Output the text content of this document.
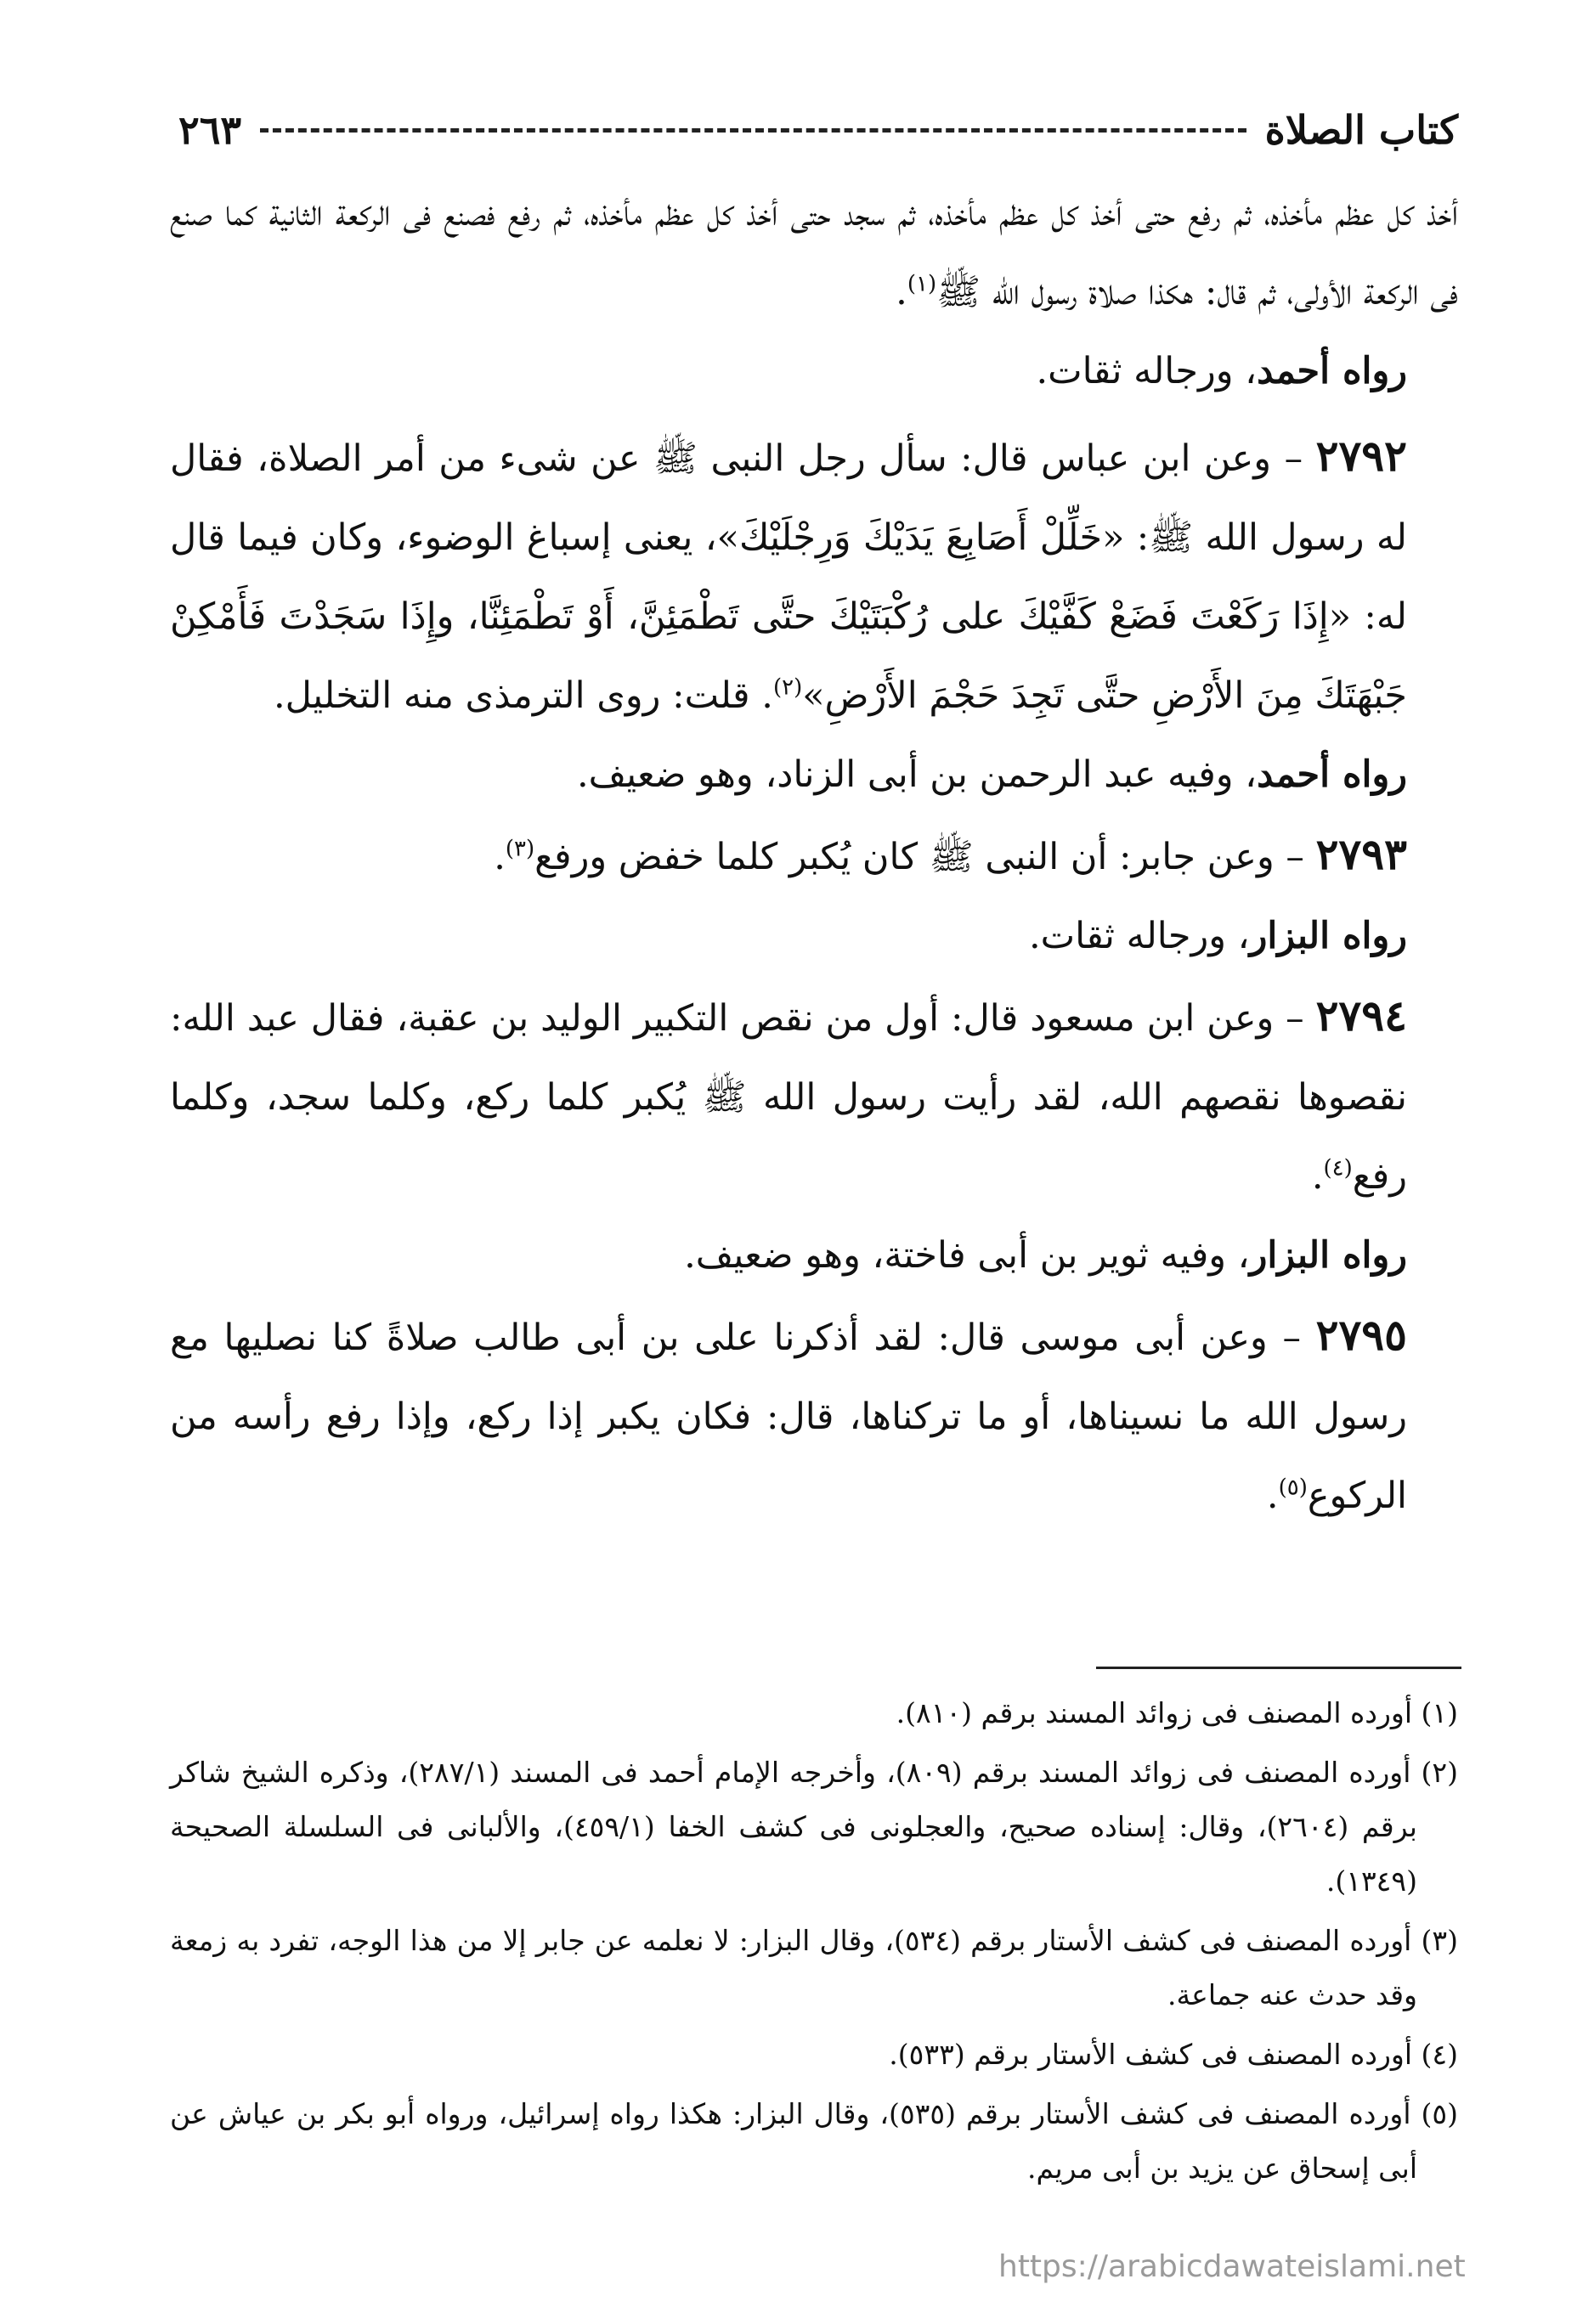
كتاب الصلاة
٢٦٣

أخذ كل عظم مأخذه، ثم رفع حتى أخذ كل عظم مأخذه، ثم سجد حتى أخذ كل عظم مأخذه، ثم رفع فصنع فى الركعة الثانية كما صنع فى الركعة الأولى، ثم قال: هكذا صلاة رسول الله ﷺ$^{(١)}$.

رواه أحمد، ورجاله ثقات.

٢٧٩٢ – وعن ابن عباس قال: سأل رجل النبى ﷺ عن شىء من أمر الصلاة، فقال له رسول الله ﷺ: «خَلِّلْ أَصَابِعَ يَدَيْكَ وَرِجْلَيْكَ»، يعنى إسباغ الوضوء، وكان فيما قال له: «إِذَا رَكَعْتَ فَضَعْ كَفَّيْكَ على رُكْبَتَيْكَ حتَّى تَطْمَئِنَّ، أَوْ تَطْمَئِنَّا، وإِذَا سَجَدْتَ فَأَمْكِنْ جَبْهَتَكَ مِنَ الأَرْضِ حتَّى تَجِدَ حَجْمَ الأَرْضِ»$^{(٢)}$. قلت: روى الترمذى منه التخليل.

رواه أحمد، وفيه عبد الرحمن بن أبى الزناد، وهو ضعيف.

٢٧٩٣ – وعن جابر: أن النبى ﷺ كان يُكبر كلما خفض ورفع$^{(٣)}$.

رواه البزار، ورجاله ثقات.

٢٧٩٤ – وعن ابن مسعود قال: أول من نقص التكبير الوليد بن عقبة، فقال عبد الله: نقصوها نقصهم الله، لقد رأيت رسول الله ﷺ يُكبر كلما ركع، وكلما سجد، وكلما رفع$^{(٤)}$.

رواه البزار، وفيه ثوير بن أبى فاختة، وهو ضعيف.

٢٧٩٥ – وعن أبى موسى قال: لقد أذكرنا على بن أبى طالب صلاةً كنا نصليها مع رسول الله ما نسيناها، أو ما تركناها، قال: فكان يكبر إذا ركع، وإذا رفع رأسه من الركوع$^{(٥)}$.

(١) أورده المصنف فى زوائد المسند برقم (٨١٠).

(٢) أورده المصنف فى زوائد المسند برقم (٨٠٩)، وأخرجه الإمام أحمد فى المسند (٢٨٧/١)، وذكره الشيخ شاكر برقم (٢٦٠٤)، وقال: إسناده صحيح، والعجلونى فى كشف الخفا (٤٥٩/١)، والألبانى فى السلسلة الصحيحة (١٣٤٩).

(٣) أورده المصنف فى كشف الأستار برقم (٥٣٤)، وقال البزار: لا نعلمه عن جابر إلا من هذا الوجه، تفرد به زمعة وقد حدث عنه جماعة.

(٤) أورده المصنف فى كشف الأستار برقم (٥٣٣).

(٥) أورده المصنف فى كشف الأستار برقم (٥٣٥)، وقال البزار: هكذا رواه إسرائيل، ورواه أبو بكر بن عياش عن أبى إسحاق عن يزيد بن أبى مريم.

https://arabicdawateislami.net
